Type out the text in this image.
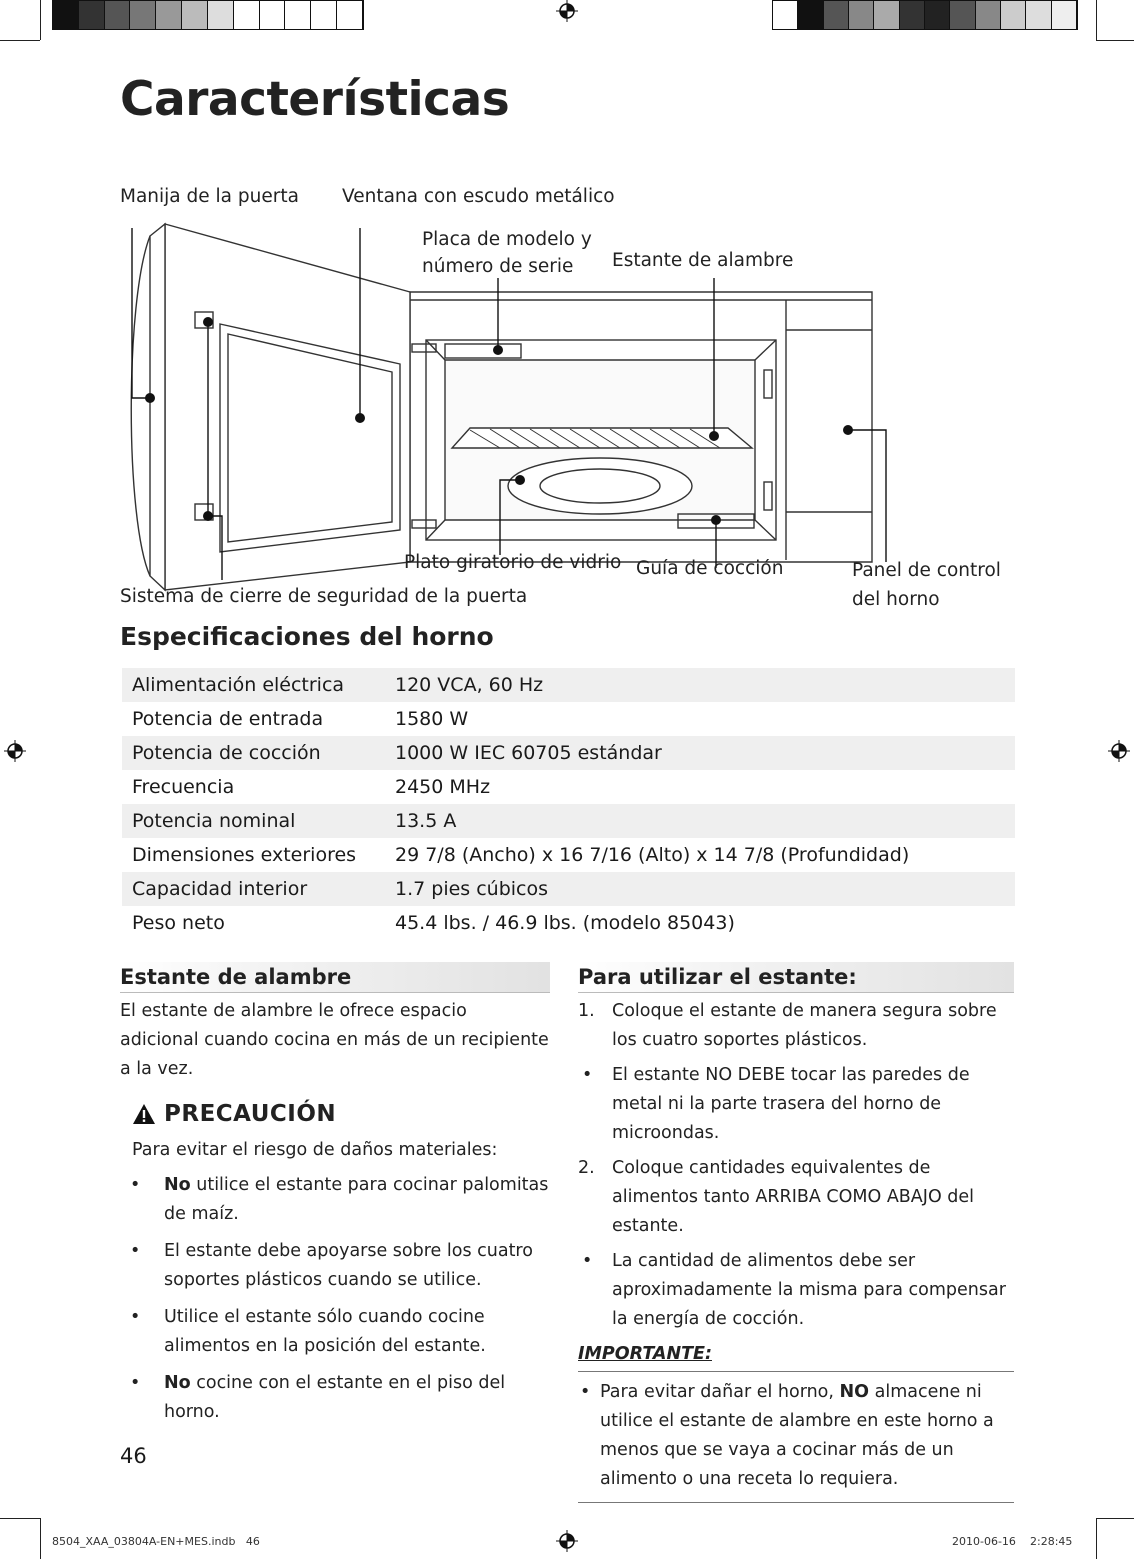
Características
Manija de la puerta Ventana con escudo metálico
Placa de modelo y
número de serie	Estante de alambre
Plato giratorio de vidrio Guía de cocción	Panel de control
del horno
Sistema de cierre de seguridad de la puerta
Especificaciones del horno
Alimentación eléctrica	120 VCA, 60 Hz
Potencia de entrada	1580 W
Potencia de cocción	1000 W IEC 60705 estándar
Frecuencia	2450 MHz
Potencia nominal	13.5 A
Dimensiones exteriores	29 7/8 (Ancho) x 16 7/16 (Alto) x 14 7/8 (Profundidad)
Capacidad interior	1.7 pies cúbicos
Peso neto	45.4 lbs. / 46.9 lbs. (modelo 85043)
Estante de alambre
El estante de alambre le ofrece espacio adicional cuando cocina en más de un recipiente a la vez.
PRECAUCIÓN
Para evitar el riesgo de daños materiales:
• No utilice el estante para cocinar palomitas de maíz.
• El estante debe apoyarse sobre los cuatro soportes plásticos cuando se utilice.
• Utilice el estante sólo cuando cocine alimentos en la posición del estante.
• No cocine con el estante en el piso del horno.
Para utilizar el estante:
1. Coloque el estante de manera segura sobre los cuatro soportes plásticos.
• El estante NO DEBE tocar las paredes de metal ni la parte trasera del horno de microondas.
2. Coloque cantidades equivalentes de alimentos tanto ARRIBA COMO ABAJO del estante.
• La cantidad de alimentos debe ser aproximadamente la misma para compensar la energía de cocción.
IMPORTANTE:
• Para evitar dañar el horno, NO almacene ni utilice el estante de alambre en este horno a menos que se vaya a cocinar más de un alimento o una receta lo requiera.
46
8504_XAA_03804A-EN+MES.indb   46	2010-06-16 2:28:45
